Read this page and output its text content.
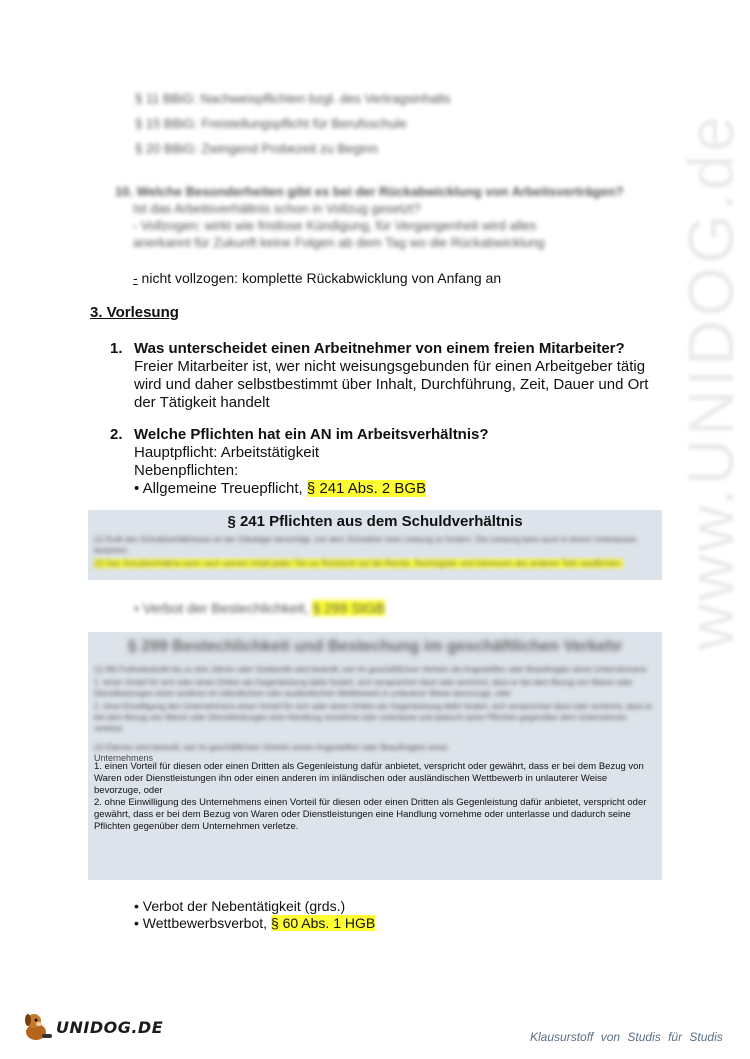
www.UNIDOG.de
§ 11 BBiG: Nachweispflichten bzgl. des Vertragsinhalts
§ 15 BBiG: Freistellungspflicht für Berufsschule
§ 20 BBiG: Zwingend Probezeit zu Beginn
10. Welche Besonderheiten gibt es bei der Rückabwicklung von Arbeitsverträgen?
Ist das Arbeitsverhältnis schon in Vollzug gesetzt?
- Vollzogen: wirkt wie fristlose Kündigung, für Vergangenheit wird alles
anerkannt für Zukunft keine Folgen ab dem Tag wo die Rückabwicklung
- nicht vollzogen: komplette Rückabwicklung von Anfang an
3. Vorlesung
1. Was unterscheidet einen Arbeitnehmer von einem freien Mitarbeiter?
Freier Mitarbeiter ist, wer nicht weisungsgebunden für einen Arbeitgeber tätig wird und daher selbstbestimmt über Inhalt, Durchführung, Zeit, Dauer und Ort der Tätigkeit handelt
2. Welche Pflichten hat ein AN im Arbeitsverhältnis?
Hauptpflicht: Arbeitstätigkeit
Nebenpflichten:
• Allgemeine Treuepflicht, § 241 Abs. 2 BGB
§ 241 Pflichten aus dem Schuldverhältnis
(1) Kraft des Schuldverhältnisses ist der Gläubiger berechtigt, von dem Schuldner eine Leistung zu fordern. Die Leistung kann auch in einem Unterlassen bestehen.
(2) Das Schuldverhältnis kann nach seinem Inhalt jeden Teil zur Rücksicht auf die Rechte, Rechtsgüter und Interessen des anderen Teils verpflichten.
• Verbot der Bestechlichkeit, § 299 StGB
§ 299 Bestechlichkeit und Bestechung im geschäftlichen Verkehr
(1) Mit Freiheitsstrafe bis zu drei Jahren oder Geldstrafe wird bestraft, wer im geschäftlichen Verkehr als Angestellter oder Beauftragter eines Unternehmens
1. einen Vorteil für sich oder einen Dritten als Gegenleistung dafür fordert, sich versprechen lässt oder annimmt, dass er bei dem Bezug von Waren oder Dienstleistungen einen anderen im inländischen oder ausländischen Wettbewerb in unlauterer Weise bevorzuge, oder
2. ohne Einwilligung des Unternehmens einen Vorteil für sich oder einen Dritten als Gegenleistung dafür fordert, sich versprechen lässt oder annimmt, dass er bei dem Bezug von Waren oder Dienstleistungen eine Handlung vornehme oder unterlasse und dadurch seine Pflichten gegenüber dem Unternehmen verletze.
(2) Ebenso wird bestraft, wer im geschäftlichen Verkehr einem Angestellten oder Beauftragten eines
Unternehmens
1. einen Vorteil für diesen oder einen Dritten als Gegenleistung dafür anbietet, verspricht oder gewährt, dass er bei dem Bezug von Waren oder Dienstleistungen ihn oder einen anderen im inländischen oder ausländischen Wettbewerb in unlauterer Weise bevorzuge, oder
2. ohne Einwilligung des Unternehmens einen Vorteil für diesen oder einen Dritten als Gegenleistung dafür anbietet, verspricht oder gewährt, dass er bei dem Bezug von Waren oder Dienstleistungen eine Handlung vornehme oder unterlasse und dadurch seine Pflichten gegenüber dem Unternehmen verletze.
• Verbot der Nebentätigkeit (grds.)
• Wettbewerbsverbot, § 60 Abs. 1 HGB
UNIDOG.DE
Klausurstoff von Studis für Studis
